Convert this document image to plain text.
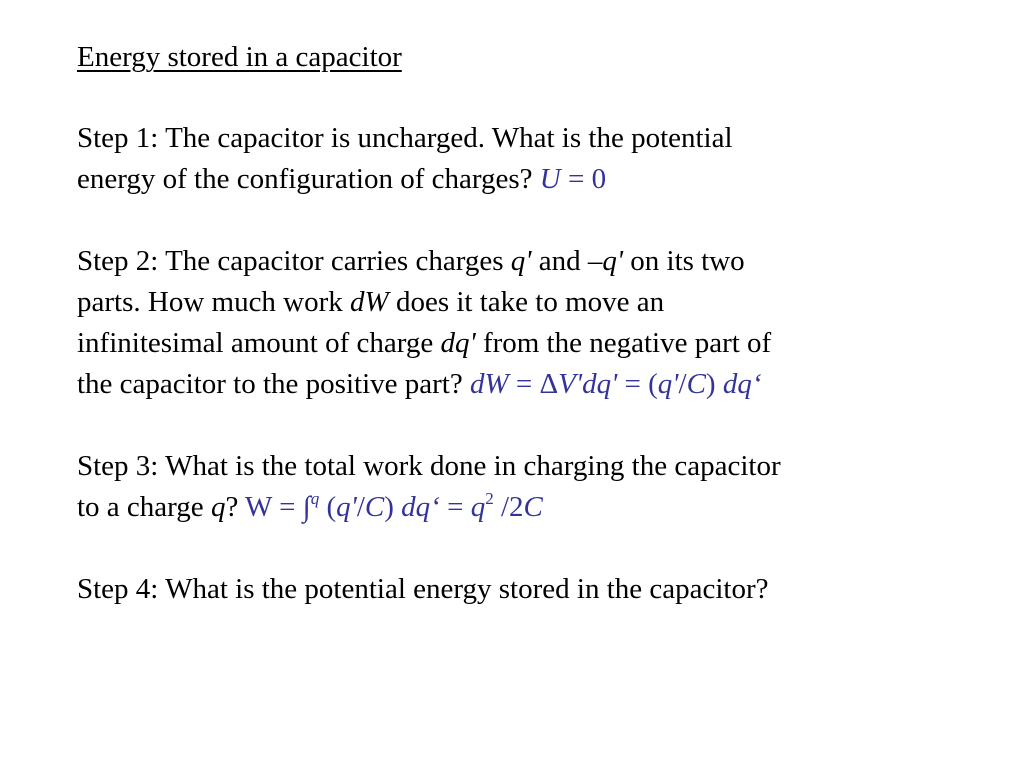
Energy stored in a capacitor
Step 1: The capacitor is uncharged. What is the potential
energy of the configuration of charges? U = 0
Step 2: The capacitor carries charges q' and –q' on its two
parts. How much work dW does it take to move an
infinitesimal amount of charge dq' from the negative part of
the capacitor to the positive part? dW = ΔV'dq' = (q'/C) dq‘
Step 3: What is the total work done in charging the capacitor
to a charge q? W = ∫$^q$ (q'/C) dq‘ = $q^2$ /2C
Step 4: What is the potential energy stored in the capacitor?
